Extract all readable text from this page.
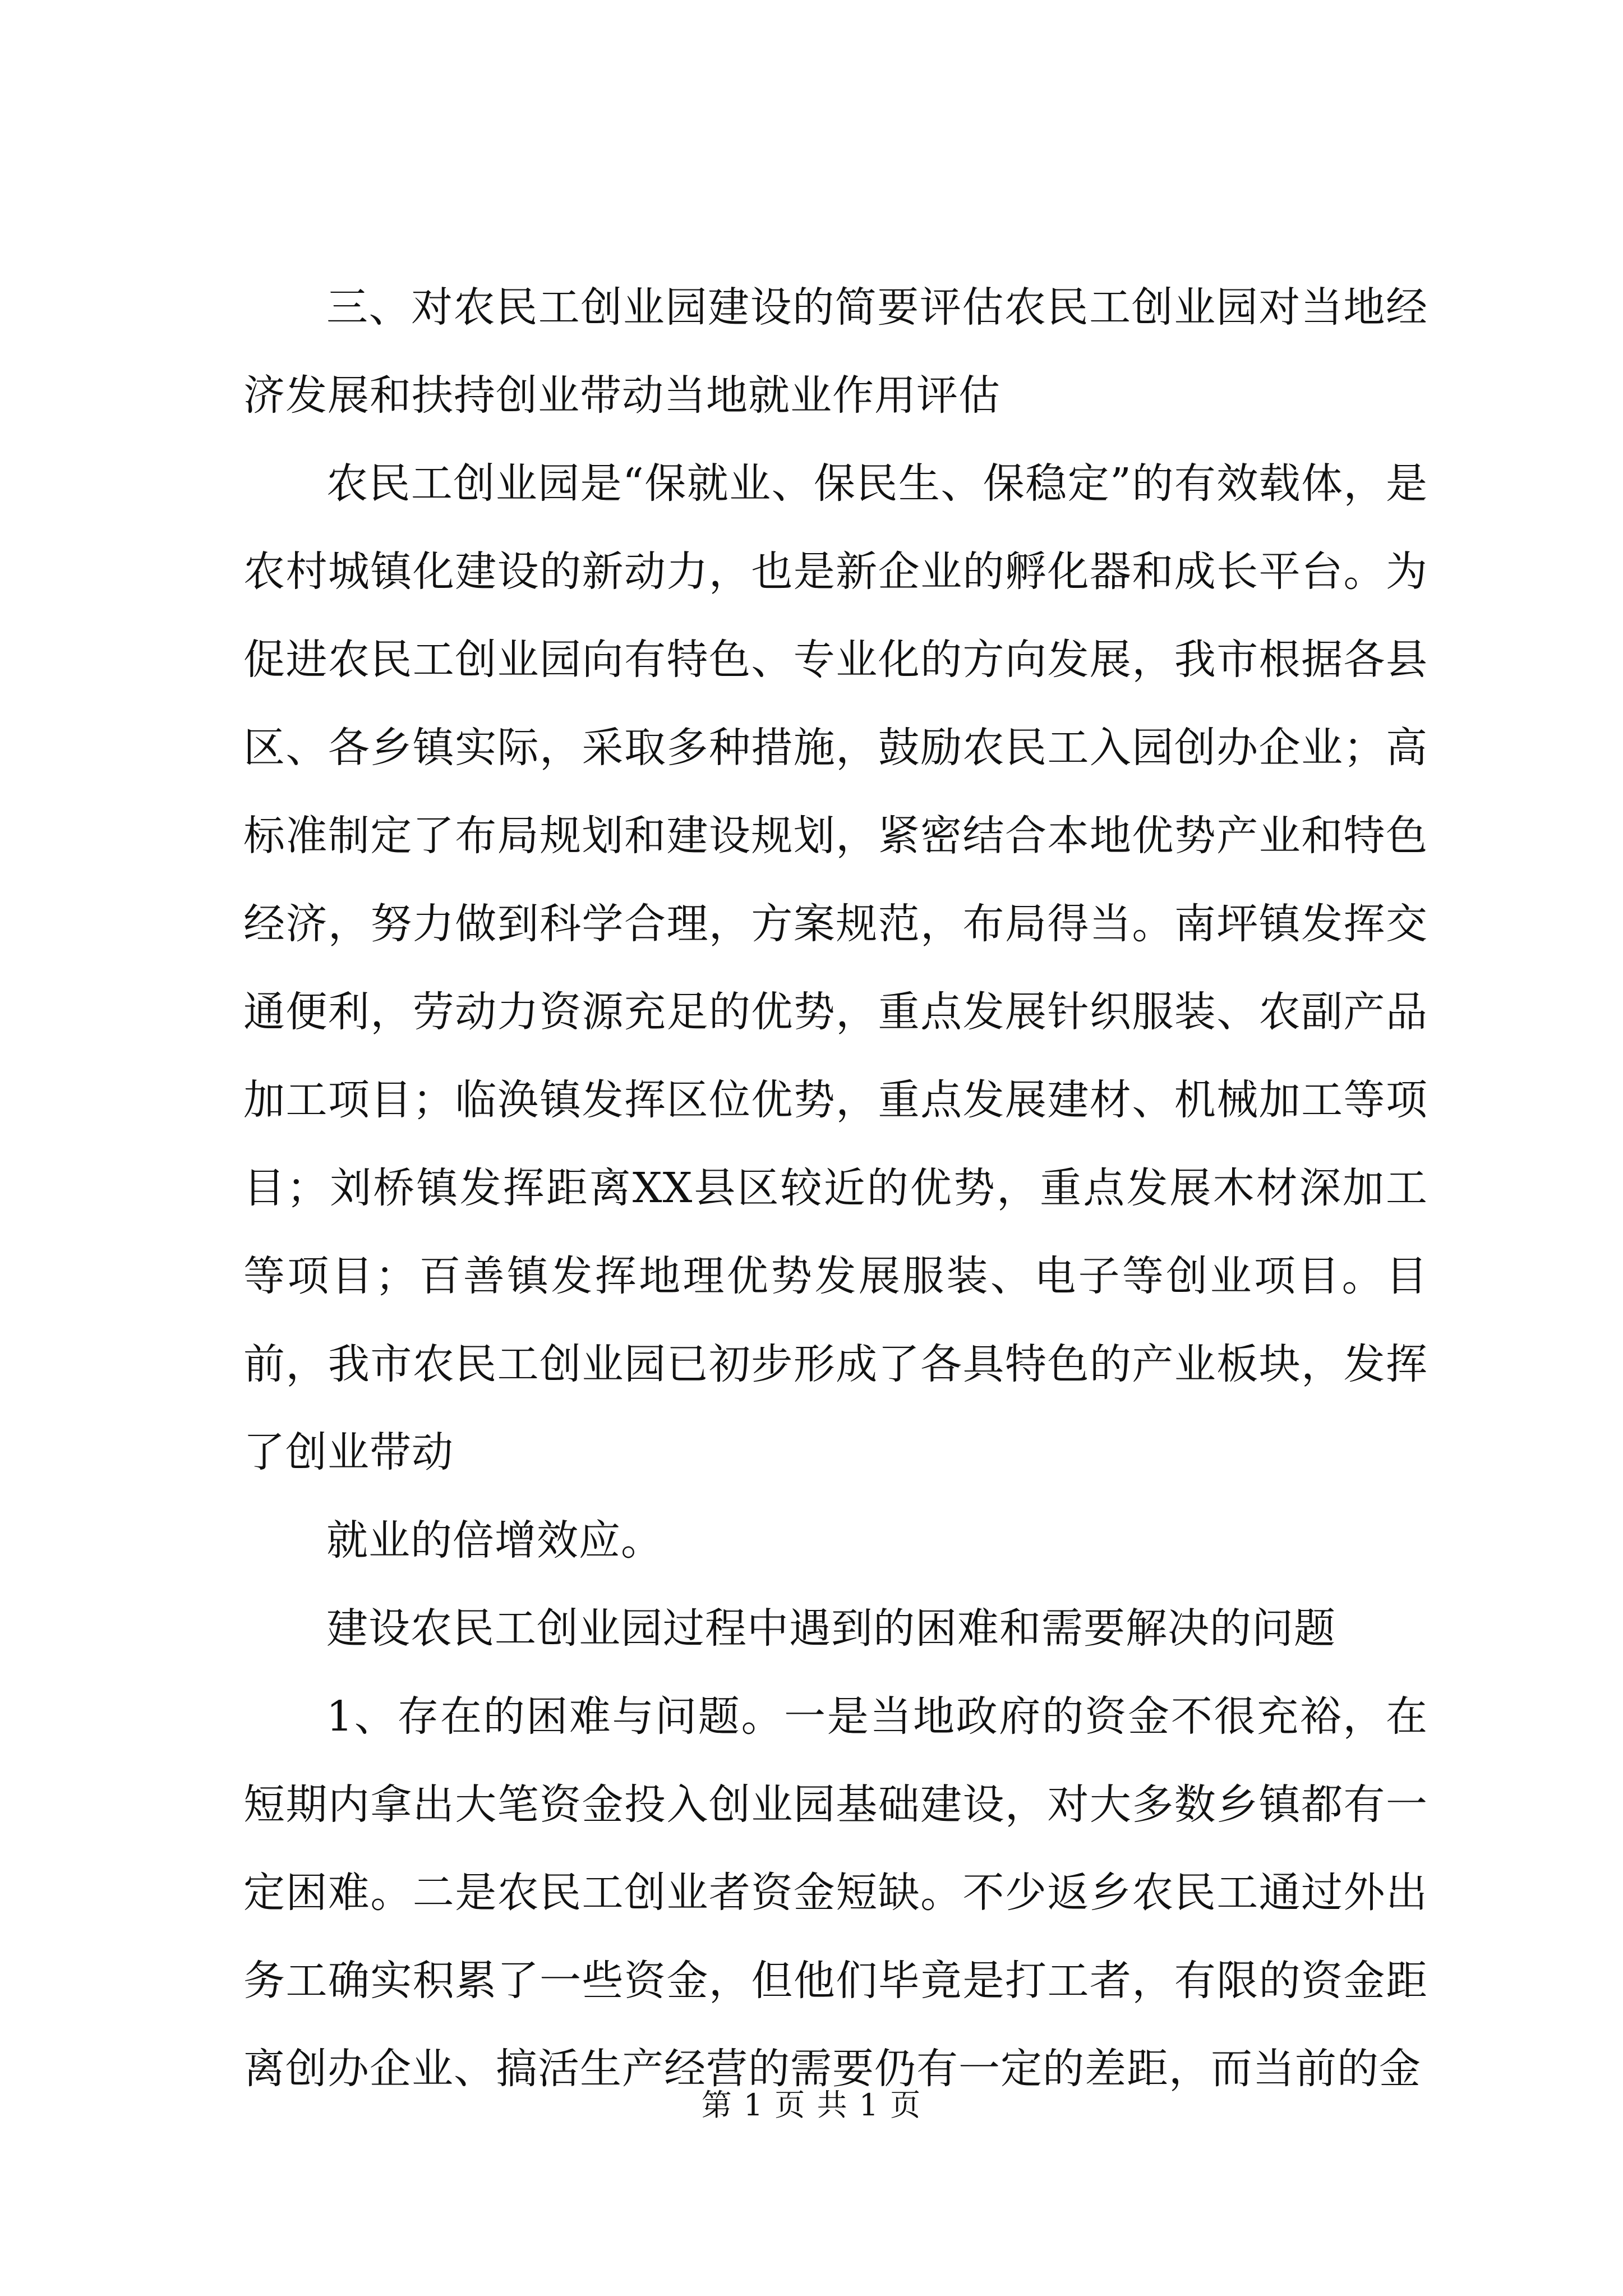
三、对农民工创业园建设的简要评估农民工创业园对当地经济发展和扶持创业带动当地就业作用评估

农民工创业园是“保就业、保民生、保稳定”的有效载体，是农村城镇化建设的新动力，也是新企业的孵化器和成长平台。为促进农民工创业园向有特色、专业化的方向发展，我市根据各县区、各乡镇实际，采取多种措施，鼓励农民工入园创办企业；高标准制定了布局规划和建设规划，紧密结合本地优势产业和特色经济，努力做到科学合理，方案规范，布局得当。南坪镇发挥交通便利，劳动力资源充足的优势，重点发展针织服装、农副产品加工项目；临涣镇发挥区位优势，重点发展建材、机械加工等项目；刘桥镇发挥距离XX县区较近的优势，重点发展木材深加工等项目；百善镇发挥地理优势发展服装、电子等创业项目。目前，我市农民工创业园已初步形成了各具特色的产业板块，发挥了创业带动

就业的倍增效应。

建设农民工创业园过程中遇到的困难和需要解决的问题

1、存在的困难与问题。一是当地政府的资金不很充裕，在短期内拿出大笔资金投入创业园基础建设，对大多数乡镇都有一定困难。二是农民工创业者资金短缺。不少返乡农民工通过外出务工确实积累了一些资金，但他们毕竟是打工者，有限的资金距离创办企业、搞活生产经营的需要仍有一定的差距，而当前的金

第 1 页 共 1 页
